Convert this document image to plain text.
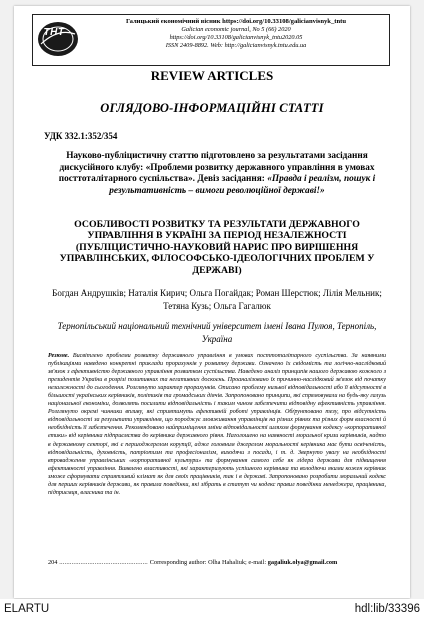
ТНТ
Галицький економічний вісник https://doi.org/10.33108/galicianvisnyk_tntu
Galician economic journal, No 5 (66) 2020
https://doi.org/10.33108/galicianvisnyk_tntu2020.05
ISSN 2409-8892. Web: http://galicianvisnyk.tntu.edu.ua
REVIEW ARTICLES
ОГЛЯДОВО-ІНФОРМАЦІЙНІ СТАТТІ
УДК 332.1:352/354
Науково-публіцистичну статтю підготовлено за результатами засідання дискусійного клубу: «Проблеми розвитку державного управління в умовах посттоталітарного суспільства». Девіз засідання: «Правда і реалізм, пошук і результативність – вимоги революційної державі!»
ОСОБЛИВОСТІ РОЗВИТКУ ТА РЕЗУЛЬТАТИ ДЕРЖАВНОГО УПРАВЛІННЯ В УКРАЇНІ ЗА ПЕРІОД НЕЗАЛЕЖНОСТІ (ПУБЛІЦИСТИЧНО-НАУКОВИЙ НАРИС ПРО ВИРІШЕННЯ УПРАВЛІНСЬКИХ, ФІЛОСОФСЬКО-ІДЕОЛОГІЧНИХ ПРОБЛЕМ У ДЕРЖАВІ)
Богдан Андрушків; Наталія Кирич; Ольга Погайдак; Роман Шерстюк; Лілія Мельник; Тетяна Кузь; Ольга Гагалюк
Тернопільський національний технічний університет імені Івана Пулюя, Тернопіль, Україна
Резюме. Висвітлено проблеми розвитку державного управління в умовах посттоталітарного суспільства. За наявними публікаціями наведено конкретні приклади прорахунків у розвитку держави. Означено їх свідомість та логічно-наслідковий зв'язок з ефективністю державного управління розвитком суспільства. Наведено аналіз принципів нашого державою кожного з президентів України в розрізі позитивних та негативних доскоєнь. Проаналізовано їх причинно-наслідковий зв'язок від початку незалежності до сьогодення. Розглянуто характер прорахунків. Описано проблему низької відповідальності або її відсутності в більшості українських керівників, політиків та громадських діячів. Запропоновано принципи, які спрямовували на будь-яку галузь національної економіки, дозволять посилити відповідальність і таким чином забезпечити відповідну ефективність управління. Розглянуто окремі чинники впливу, які сприятимуть ефективній роботі управлінців. Обґрунтовано тезу, про відсутність відповідальності за результати управління, що породжує зловживання управлінців на різних рівнях та різних форм власності й необхідність її забезпечення. Рекомендовано найприміщення зміни відповідальності шляхом формування кодексу «корпоративної етики» від керівника підприємства до керівника державного рівня. Наголошено на наявності моральної кризи керівників, надто в державному секторі, які є першоджерелом корупції, адже головним джерелом моральності керівника має бути освіченість, відповідальність, духовність, патріотизм та професіоналізм, виходячи з посади, і т. д. Звернуто увагу на необхідності впровадження управлінських «корпоративної культури» та формування самого себе як лідера держави для підвищення ефективності управління. Виявлено властивості, які характеризують успішного керівника та володіючи якими кожен керівник зможе сформувати сприятливий клімат як для своїх працівників, так і в державі. Запропоновано розробити моральний кодекс для перших керівників держави, як правила поведінки, які зібрать в статут чи кодекс правил поведінки менеджера, працівника, підприємця, власника та ін.
204 .................................................. Corresponding author: Olha Hahaliuk; e-mail: gagaliuk.olya@gmail.com
ELARTU	hdl:lib/33396
